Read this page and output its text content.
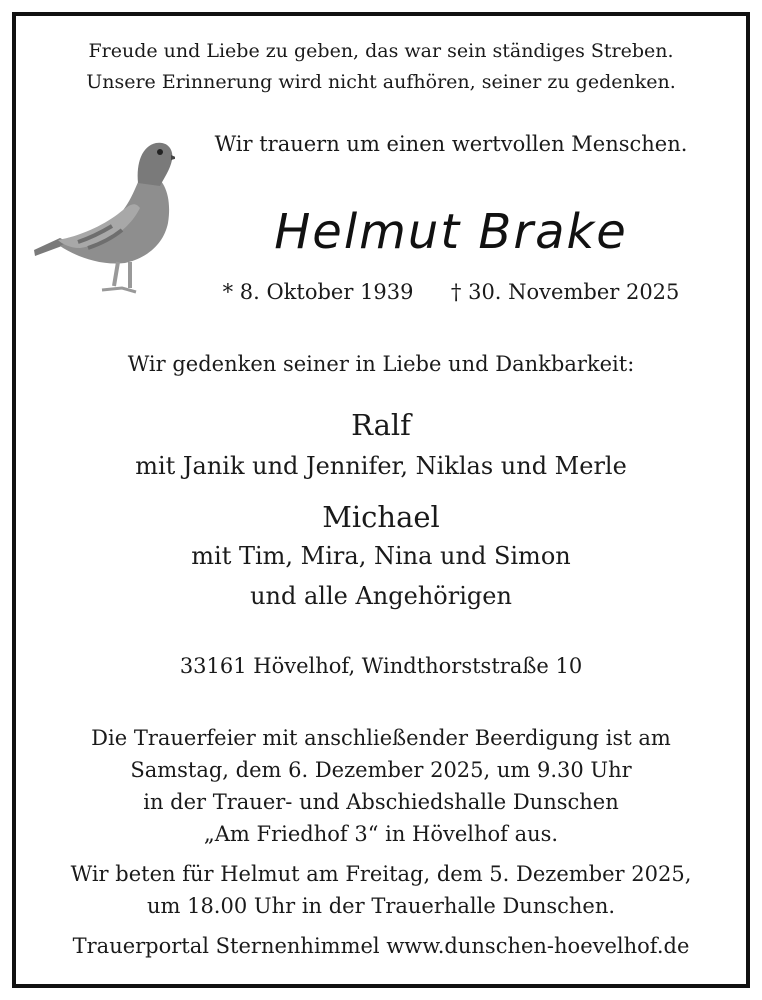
Freude und Liebe zu geben, das war sein ständiges Streben.
Unsere Erinnerung wird nicht aufhören, seiner zu gedenken.
Wir trauern um einen wertvollen Menschen.
Helmut Brake
* 8. Oktober 1939 † 30. November 2025
Wir gedenken seiner in Liebe und Dankbarkeit:
Ralf
mit Janik und Jennifer, Niklas und Merle
Michael
mit Tim, Mira, Nina und Simon
und alle Angehörigen
33161 Hövelhof, Windthorststraße 10
Die Trauerfeier mit anschließender Beerdigung ist am
Samstag, dem 6. Dezember 2025, um 9.30 Uhr
in der Trauer- und Abschiedshalle Dunschen
„Am Friedhof 3“ in Hövelhof aus.
Wir beten für Helmut am Freitag, dem 5. Dezember 2025,
um 18.00 Uhr in der Trauerhalle Dunschen.
Trauerportal Sternenhimmel www.dunschen-hoevelhof.de
